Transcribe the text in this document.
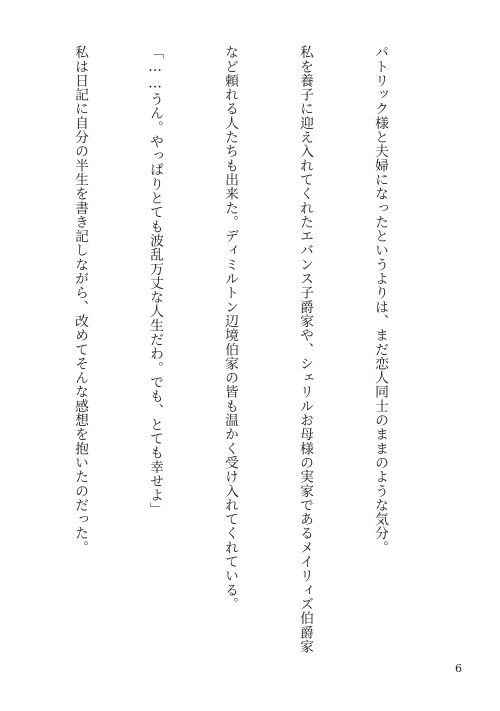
パトリック様と夫婦になったというよりは、まだ恋人同士のままのような気分。

私を養子に迎え入れてくれたエバンス子爵家や、シェリルお母様の実家であるメイリィズ伯爵家

など頼れる人たちも出来た。ディミルトン辺境伯家の皆も温かく受け入れてくれている。

「……うん。やっぱりとても波乱万丈な人生だわ。でも、とても幸せよ」

私は日記に自分の半生を書き記しながら、改めてそんな感想を抱いたのだった。

6
